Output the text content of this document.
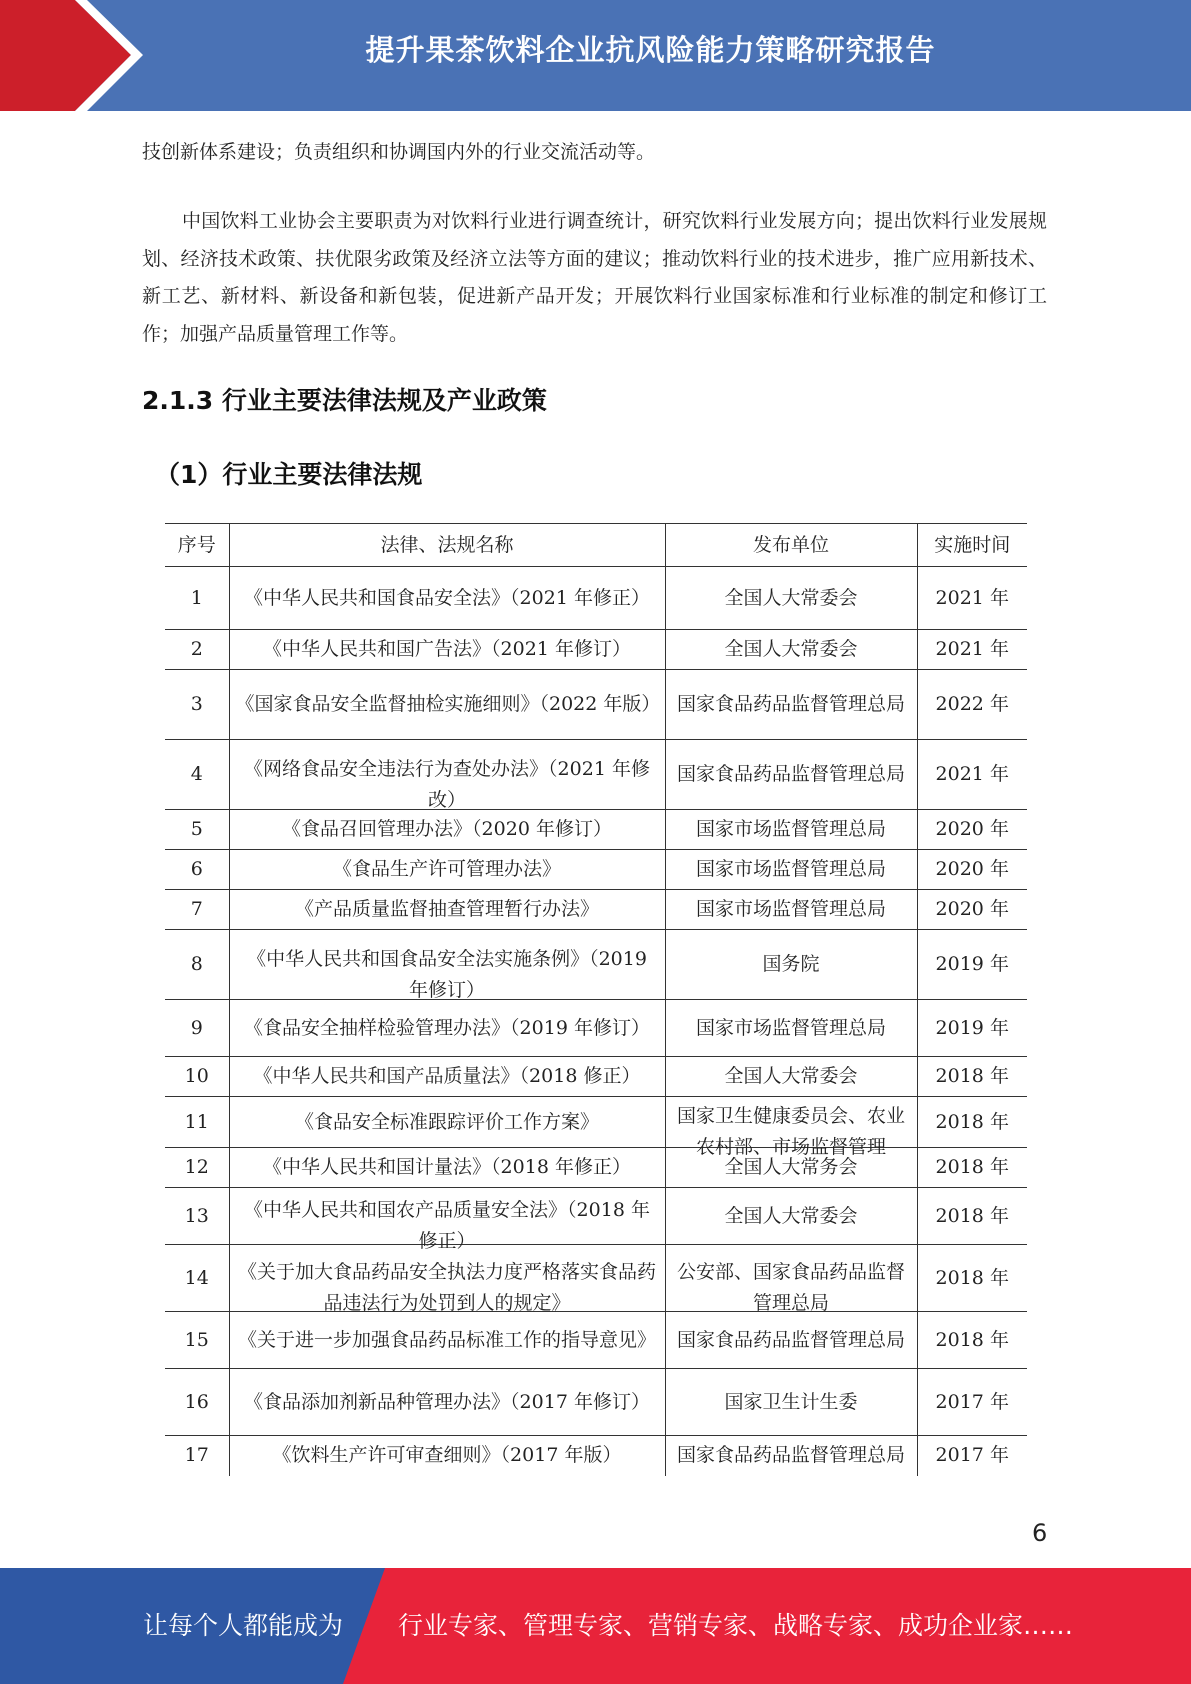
提升果茶饮料企业抗风险能力策略研究报告

技创新体系建设；负责组织和协调国内外的行业交流活动等。

中国饮料工业协会主要职责为对饮料行业进行调查统计，研究饮料行业发展方向；提出饮料行业发展规划、经济技术政策、扶优限劣政策及经济立法等方面的建议；推动饮料行业的技术进步，推广应用新技术、新工艺、新材料、新设备和新包装，促进新产品开发；开展饮料行业国家标准和行业标准的制定和修订工作；加强产品质量管理工作等。

2.1.3 行业主要法律法规及产业政策
（1）行业主要法律法规
序号	法律、法规名称	发布单位	实施时间

1	《中华人民共和国食品安全法》（2021 年修正）	全国人大常委会	2021 年

2	《中华人民共和国广告法》（2021 年修订）	全国人大常委会	2021 年

3	《国家食品安全监督抽检实施细则》（2022 年版）	国家食品药品监督管理总局	2022 年

4	《网络食品安全违法行为查处办法》（2021 年修改）	国家食品药品监督管理总局	2021 年

5	《食品召回管理办法》（2020 年修订）	国家市场监督管理总局	2020 年

6	《食品生产许可管理办法》	国家市场监督管理总局	2020 年

7	《产品质量监督抽查管理暂行办法》	国家市场监督管理总局	2020 年

8	《中华人民共和国食品安全法实施条例》（2019 年修订）	国务院	2019 年

9	《食品安全抽样检验管理办法》（2019 年修订）	国家市场监督管理总局	2019 年

10	《中华人民共和国产品质量法》（2018 修正）	全国人大常委会	2018 年

11	《食品安全标准跟踪评价工作方案》	国家卫生健康委员会、农业农村部、市场监督管理	2018 年

12	《中华人民共和国计量法》（2018 年修正）	全国人大常务会	2018 年

13	《中华人民共和国农产品质量安全法》（2018 年修正）	全国人大常委会	2018 年

14	《关于加大食品药品安全执法力度严格落实食品药品违法行为处罚到人的规定》	公安部、国家食品药品监督管理总局	2018 年

15	《关于进一步加强食品药品标准工作的指导意见》	国家食品药品监督管理总局	2018 年

16	《食品添加剂新品种管理办法》（2017 年修订）	国家卫生计生委	2017 年

17	《饮料生产许可审查细则》（2017 年版）	国家食品药品监督管理总局	2017 年
6
让每个人都能成为 行业专家、管理专家、营销专家、战略专家、成功企业家……
